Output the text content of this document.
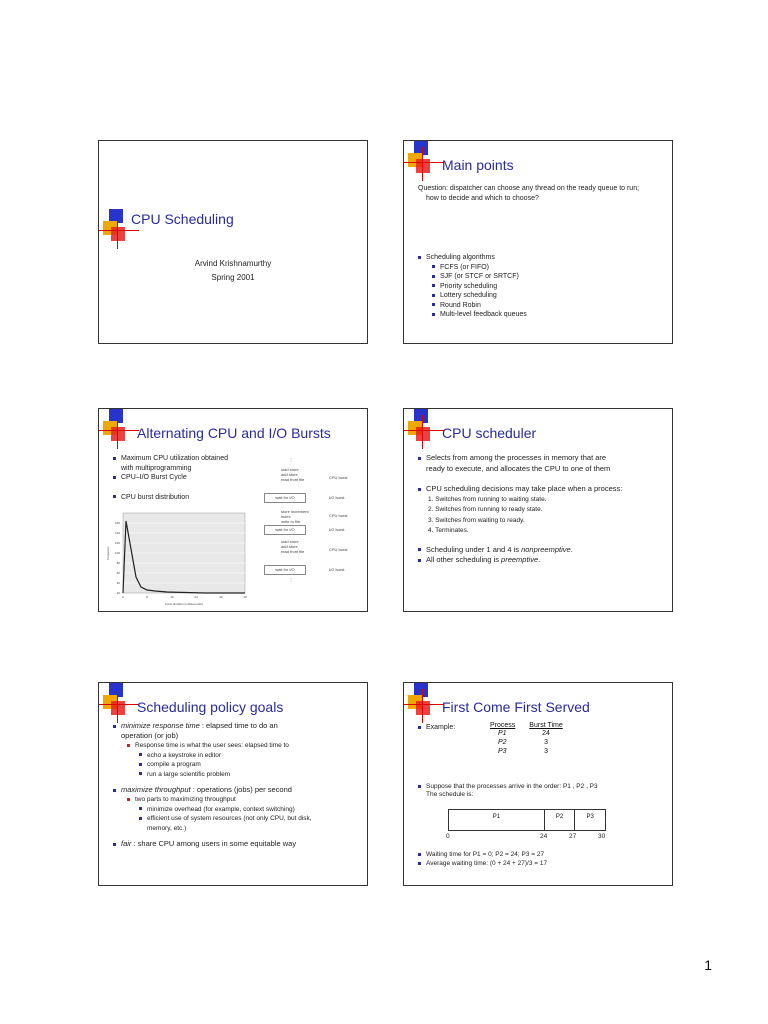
CPU Scheduling
Arvind Krishnamurthy
Spring 2001
Main points
Question: dispatcher can choose any thread on the ready queue to run;
how to decide and which to choose?
Scheduling algorithms
FCFS (or FIFO)
SJF (or STCF or SRTCF)
Priority scheduling
Lottery scheduling
Round Robin
Multi-level feedback queues
Alternating CPU and I/O Bursts
Maximum CPU utilization obtained
with multiprogramming
CPU–I/O Burst Cycle
CPU burst distribution
160
140
120
100
80
60
40
20
0	8	16	24	32	40
burst duration (milliseconds)
frequency
⋮
load store
add store
read from file
wait for I/O
store increment
index
write to file
wait for I/O
load store
add store
read from file
wait for I/O
⋮
CPU burst
I/O burst
CPU burst
I/O burst
CPU burst
I/O burst
CPU scheduler
Selects from among the processes in memory that are
ready to execute, and allocates the CPU to one of them
CPU scheduling decisions may take place when a process:
1. Switches from running to waiting state.
2. Switches from running to ready state.
3. Switches from waiting to ready.
4. Terminates.
Scheduling under 1 and 4 is nonpreemptive.
All other scheduling is preemptive.
Scheduling policy goals
minimize response time : elapsed time to do an
operation (or job)
Response time is what the user sees: elapsed time to
echo a keystroke in editor
compile a program
run a large scientific problem
maximize throughput : operations (jobs) per second
two parts to maximizing throughput
minimize overhead (for example, context switching)
efficient use of system resources (not only CPU, but disk,
memory, etc.)
fair : share CPU among users in some equitable way
First Come First Served
Example:	Process	Burst Time
P1	24
P2	3
P3	3
Suppose that the processes arrive in the order: P1 , P2 , P3
The schedule is:
P1	P2	P3
0	24	27	30
Waiting time for P1 = 0; P2 = 24; P3 = 27
Average waiting time: (0 + 24 + 27)/3 = 17
1
